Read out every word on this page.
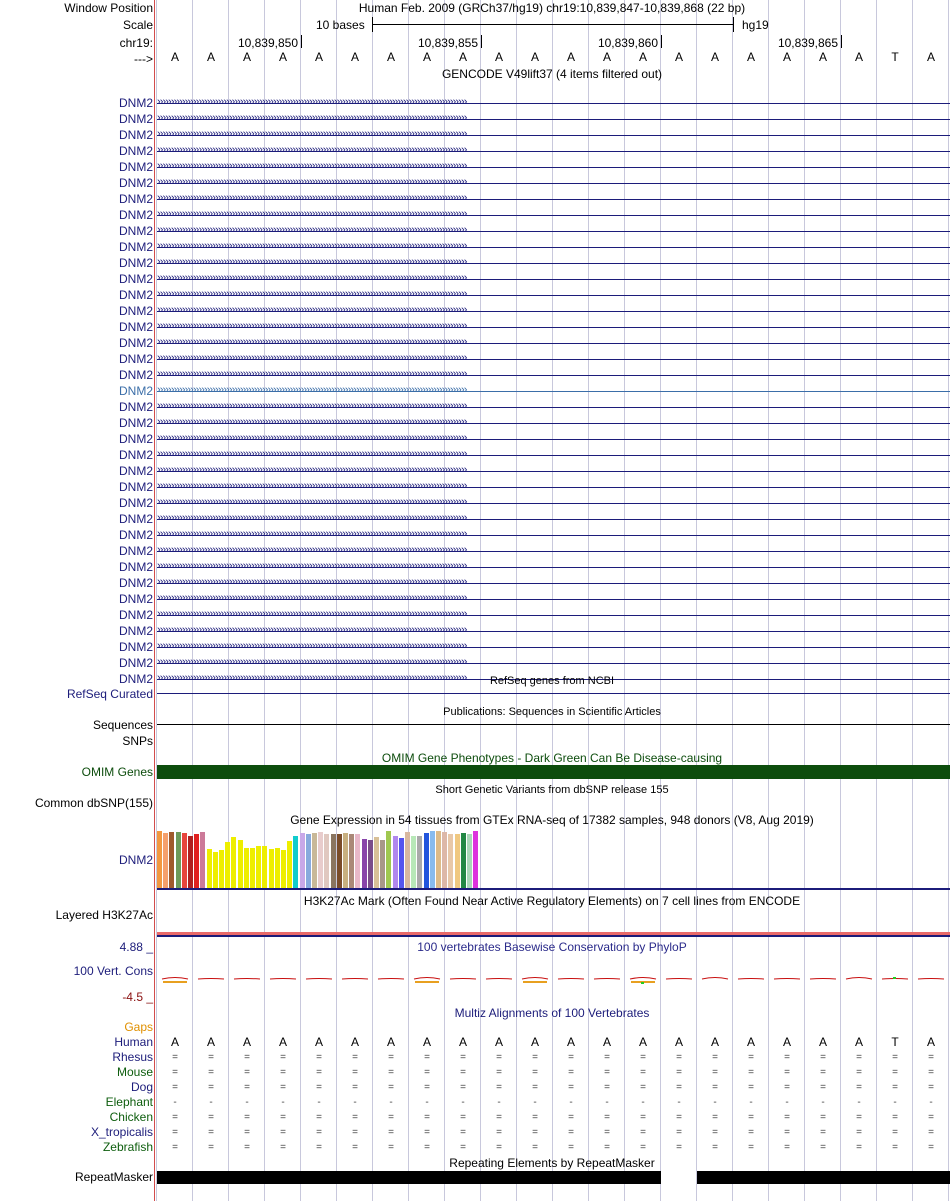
Window Position
Scale
chr19:
--->
Human Feb. 2009 (GRCh37/hg19) chr19:10,839,847-10,839,868 (22 bp)
10 bases	hg19
10,839,850	10,839,855	10,839,860	10,839,865
A	A	A	A	A	A	A	A	A	A	A	A	A	A	A	A	A	A	A	A	T	A
GENCODE V49lift37 (4 items filtered out)
DNM2 ››››››››››››››››››››››››››››››››››››››››››››››››››››››››››››››››››››››››››››››››››››››››››››››››››››››››››››››››
DNM2 ››››››››››››››››››››››››››››››››››››››››››››››››››››››››››››››››››››››››››››››››››››››››››››››››››››››››››››››››
DNM2 ››››››››››››››››››››››››››››››››››››››››››››››››››››››››››››››››››››››››››››››››››››››››››››››››››››››››››››››››
DNM2 ››››››››››››››››››››››››››››››››››››››››››››››››››››››››››››››››››››››››››››››››››››››››››››››››››››››››››››››››
DNM2 ››››››››››››››››››››››››››››››››››››››››››››››››››››››››››››››››››››››››››››››››››››››››››››››››››››››››››››››››
DNM2 ››››››››››››››››››››››››››››››››››››››››››››››››››››››››››››››››››››››››››››››››››››››››››››››››››››››››››››››››
DNM2 ››››››››››››››››››››››››››››››››››››››››››››››››››››››››››››››››››››››››››››››››››››››››››››››››››››››››››››››››
DNM2 ››››››››››››››››››››››››››››››››››››››››››››››››››››››››››››››››››››››››››››››››››››››››››››››››››››››››››››››››
DNM2 ››››››››››››››››››››››››››››››››››››››››››››››››››››››››››››››››››››››››››››››››››››››››››››››››››››››››››››››››
DNM2 ››››››››››››››››››››››››››››››››››››››››››››››››››››››››››››››››››››››››››››››››››››››››››››››››››››››››››››››››
DNM2 ››››››››››››››››››››››››››››››››››››››››››››››››››››››››››››››››››››››››››››››››››››››››››››››››››››››››››››››››
DNM2 ››››››››››››››››››››››››››››››››››››››››››››››››››››››››››››››››››››››››››››››››››››››››››››››››››››››››››››››››
DNM2 ››››››››››››››››››››››››››››››››››››››››››››››››››››››››››››››››››››››››››››››››››››››››››››››››››››››››››››››››
DNM2 ››››››››››››››››››››››››››››››››››››››››››››››››››››››››››››››››››››››››››››››››››››››››››››››››››››››››››››››››
DNM2 ››››››››››››››››››››››››››››››››››››››››››››››››››››››››››››››››››››››››››››››››››››››››››››››››››››››››››››››››
DNM2 ››››››››››››››››››››››››››››››››››››››››››››››››››››››››››››››››››››››››››››››››››››››››››››››››››››››››››››››››
DNM2 ››››››››››››››››››››››››››››››››››››››››››››››››››››››››››››››››››››››››››››››››››››››››››››››››››››››››››››››››
DNM2 ››››››››››››››››››››››››››››››››››››››››››››››››››››››››››››››››››››››››››››››››››››››››››››››››››››››››››››››››
DNM2 ››››››››››››››››››››››››››››››››››››››››››››››››››››››››››››››››››››››››››››››››››››››››››››››››››››››››››››››››
DNM2 ››››››››››››››››››››››››››››››››››››››››››››››››››››››››››››››››››››››››››››››››››››››››››››››››››››››››››››››››
DNM2 ››››››››››››››››››››››››››››››››››››››››››››››››››››››››››››››››››››››››››››››››››››››››››››››››››››››››››››››››
DNM2 ››››››››››››››››››››››››››››››››››››››››››››››››››››››››››››››››››››››››››››››››››››››››››››››››››››››››››››››››
DNM2 ››››››››››››››››››››››››››››››››››››››››››››››››››››››››››››››››››››››››››››››››››››››››››››››››››››››››››››››››
DNM2 ››››››››››››››››››››››››››››››››››››››››››››››››››››››››››››››››››››››››››››››››››››››››››››››››››››››››››››››››
DNM2 ››››››››››››››››››››››››››››››››››››››››››››››››››››››››››››››››››››››››››››››››››››››››››››››››››››››››››››››››
DNM2 ››››››››››››››››››››››››››››››››››››››››››››››››››››››››››››››››››››››››››››››››››››››››››››››››››››››››››››››››
DNM2 ››››››››››››››››››››››››››››››››››››››››››››››››››››››››››››››››››››››››››››››››››››››››››››››››››››››››››››››››
DNM2 ››››››››››››››››››››››››››››››››››››››››››››››››››››››››››››››››››››››››››››››››››››››››››››››››››››››››››››››››
DNM2 ››››››››››››››››››››››››››››››››››››››››››››››››››››››››››››››››››››››››››››››››››››››››››››››››››››››››››››››››
DNM2 ››››››››››››››››››››››››››››››››››››››››››››››››››››››››››››››››››››››››››››››››››››››››››››››››››››››››››››››››
DNM2 ››››››››››››››››››››››››››››››››››››››››››››››››››››››››››››››››››››››››››››››››››››››››››››››››››››››››››››››››
DNM2 ››››››››››››››››››››››››››››››››››››››››››››››››››››››››››››››››››››››››››››››››››››››››››››››››››››››››››››››››
DNM2 ››››››››››››››››››››››››››››››››››››››››››››››››››››››››››››››››››››››››››››››››››››››››››››››››››››››››››››››››
DNM2 ››››››››››››››››››››››››››››››››››››››››››››››››››››››››››››››››››››››››››››››››››››››››››››››››››››››››››››››››
DNM2 ››››››››››››››››››››››››››››››››››››››››››››››››››››››››››››››››››››››››››››››››››››››››››››››››››››››››››››››››
DNM2 ››››››››››››››››››››››››››››››››››››››››››››››››››››››››››››››››››››››››››››››››››››››››››››››››››››››››››››››››
DNM2 ›››››››››››››››››››››››››››››››››››››››››››››››››››››››››››››››››››››››››››››››››››››››››››››››››››››››››››››››› RefSeq genes from NCBI
RefSeq Curated
Publications: Sequences in Scientific Articles
Sequences
SNPs
OMIM Gene Phenotypes - Dark Green Can Be Disease-causing
OMIM Genes
Short Genetic Variants from dbSNP release 155
Common dbSNP(155)
Gene Expression in 54 tissues from GTEx RNA-seq of 17382 samples, 948 donors (V8, Aug 2019)
DNM2
H3K27Ac Mark (Often Found Near Active Regulatory Elements) on 7 cell lines from ENCODE
Layered H3K27Ac
100 vertebrates Basewise Conservation by PhyloP
4.88 _
100 Vert. Cons
-4.5 _
Multiz Alignments of 100 Vertebrates
Gaps
Human	A	A	A	A	A	A	A	A	A	A	A	A	A	A	A	A	A	A	A	A	T	A
Rhesus	=	=	=	=	=	=	=	=	=	=	=	=	=	=	=	=	=	=	=	=	=	=
Mouse	=	=	=	=	=	=	=	=	=	=	=	=	=	=	=	=	=	=	=	=	=	=
Dog	=	=	=	=	=	=	=	=	=	=	=	=	=	=	=	=	=	=	=	=	=	=
Elephant	-	-	-	-	-	-	-	-	-	-	-	-	-	-	-	-	-	-	-	-	-	-
Chicken	=	=	=	=	=	=	=	=	=	=	=	=	=	=	=	=	=	=	=	=	=	=
X_tropicalis	=	=	=	=	=	=	=	=	=	=	=	=	=	=	=	=	=	=	=	=	=	=
Zebrafish	=	=	=	=	=	=	=	=	=	=	=	=	=	=	=	=	=	=	=	=	=	=
Repeating Elements by RepeatMasker
RepeatMasker
